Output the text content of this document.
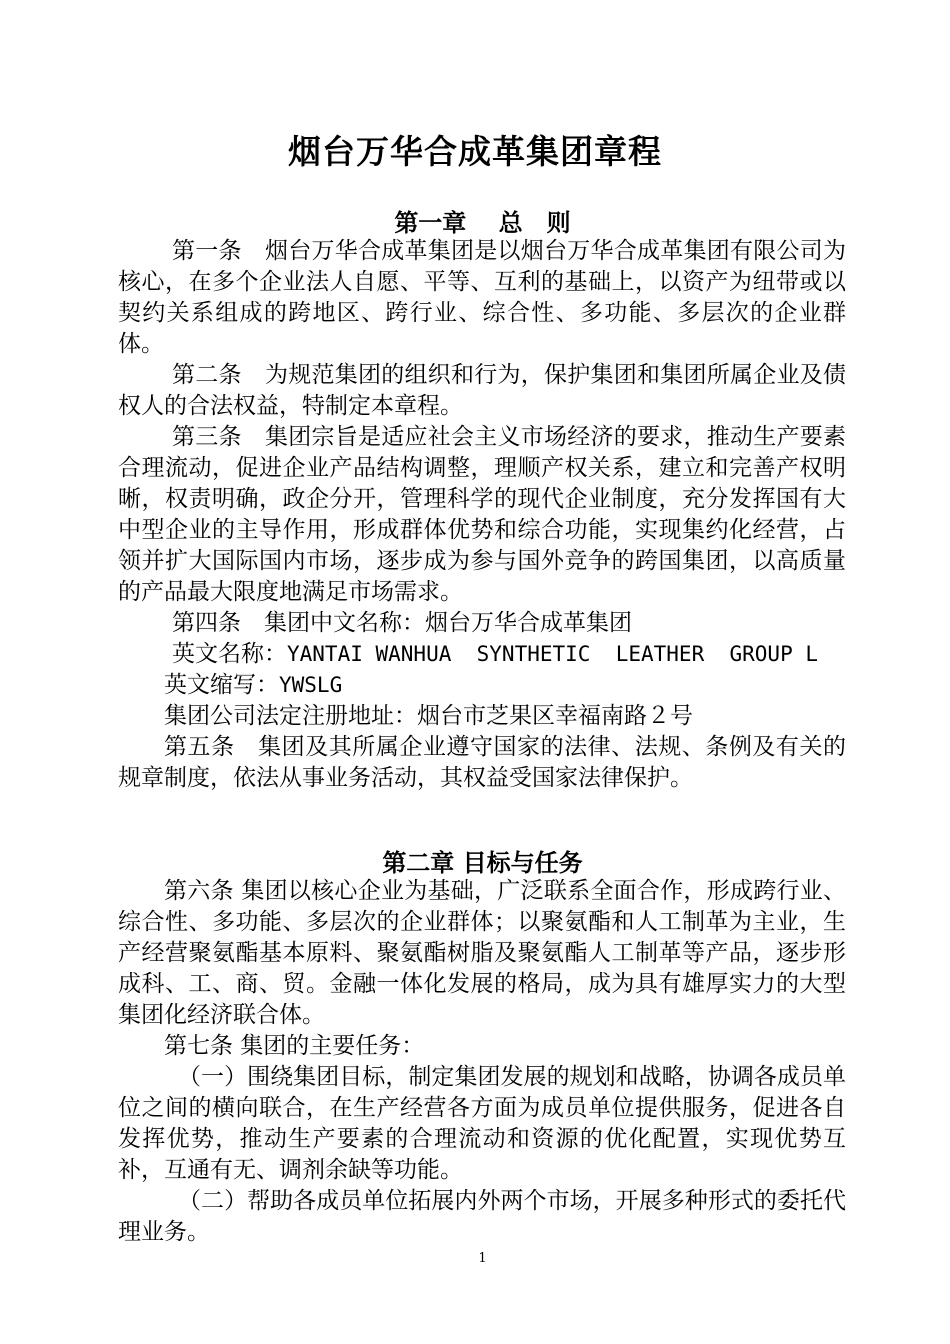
烟台万华合成革集团章程
第一章　 总　则

第一条　烟台万华合成革集团是以烟台万华合成革集团有限公司为核心，在多个企业法人自愿、平等、互利的基础上，以资产为纽带或以契约关系组成的跨地区、跨行业、综合性、多功能、多层次的企业群体。

第二条　为规范集团的组织和行为，保护集团和集团所属企业及债权人的合法权益，特制定本章程。

第三条　集团宗旨是适应社会主义市场经济的要求，推动生产要素合理流动，促进企业产品结构调整，理顺产权关系，建立和完善产权明晰，权责明确，政企分开，管理科学的现代企业制度，充分发挥国有大中型企业的主导作用，形成群体优势和综合功能，实现集约化经营，占领并扩大国际国内市场，逐步成为参与国外竞争的跨国集团，以高质量的产品最大限度地满足市场需求。

第四条　集团中文名称：烟台万华合成革集团

英文名称：YANTAI WANHUA  SYNTHETIC  LEATHER  GROUP L

英文缩写：YWSLG

集团公司法定注册地址：烟台市芝果区幸福南路２号

第五条　集团及其所属企业遵守国家的法律、法规、条例及有关的规章制度，依法从事业务活动，其权益受国家法律保护。

第二章 目标与任务

第六条 集团以核心企业为基础，广泛联系全面合作，形成跨行业、综合性、多功能、多层次的企业群体；以聚氨酯和人工制革为主业，生产经营聚氨酯基本原料、聚氨酯树脂及聚氨酯人工制革等产品，逐步形成科、工、商、贸。金融一体化发展的格局，成为具有雄厚实力的大型集团化经济联合体。

第七条 集团的主要任务：

（一）围绕集团目标，制定集团发展的规划和战略，协调各成员单位之间的横向联合，在生产经营各方面为成员单位提供服务，促进各自发挥优势，推动生产要素的合理流动和资源的优化配置，实现优势互补，互通有无、调剂余缺等功能。

（二）帮助各成员单位拓展内外两个市场，开展多种形式的委托代理业务。

1
